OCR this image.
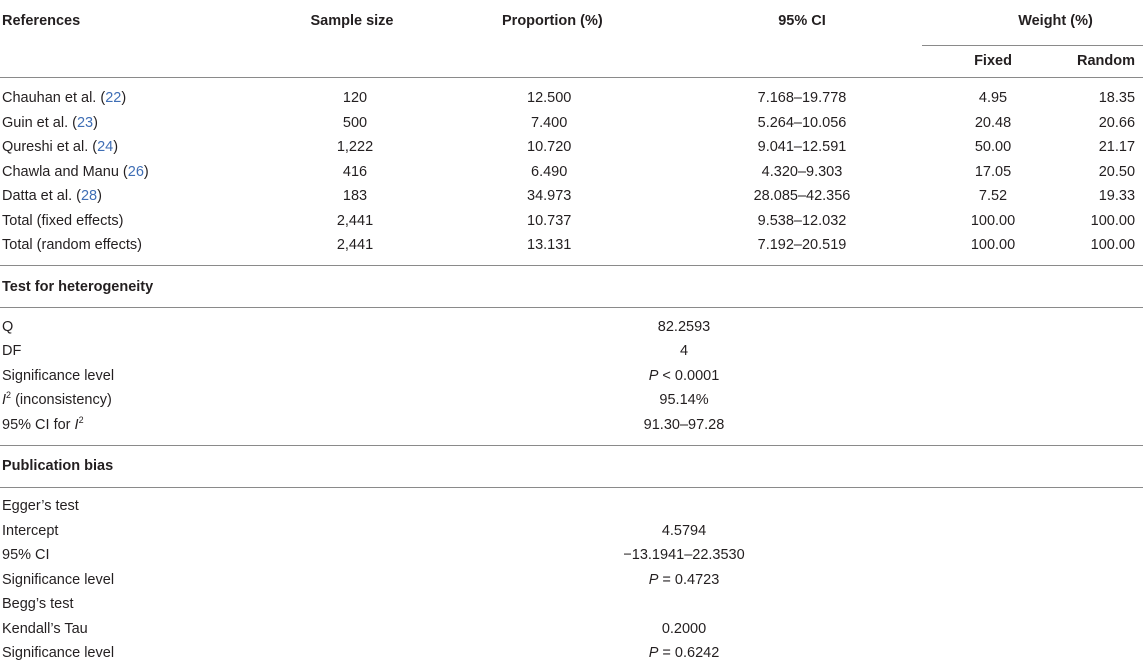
References	Sample size	Proportion (%)	95% CI	Weight (%)	
				Fixed	Random

Chauhan et al. (22)	120	12.500	7.168–19.778	4.95	18.35
Guin et al. (23)	500	7.400	5.264–10.056	20.48	20.66
Qureshi et al. (24)	1,222	10.720	9.041–12.591	50.00	21.17
Chawla and Manu (26)	416	6.490	4.320–9.303	17.05	20.50
Datta et al. (28)	183	34.973	28.085–42.356	7.52	19.33
Total (fixed effects)	2,441	10.737	9.538–12.032	100.00	100.00
Total (random effects)	2,441	13.131	7.192–20.519	100.00	100.00

Test for heterogeneity					

Q		82.2593			
DF		4			
Significance level		P < 0.0001			
$I^2$ (inconsistency)		95.14%			
95% CI for $I^2$		91.30–97.28			

Publication bias					

Egger’s test					
Intercept		4.5794			
95% CI		−13.1941–22.3530			
Significance level		P = 0.4723			
Begg’s test					
Kendall’s Tau		0.2000			
Significance level		P = 0.6242			
